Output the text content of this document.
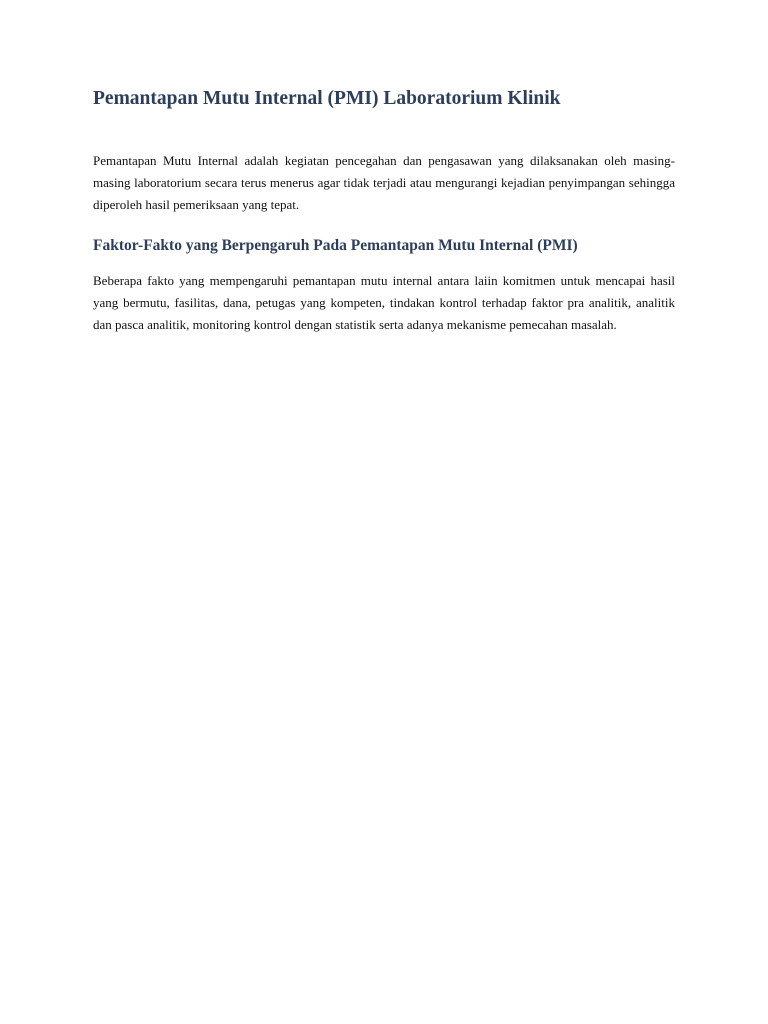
Pemantapan Mutu Internal (PMI) Laboratorium Klinik

Pemantapan Mutu Internal adalah kegiatan pencegahan dan pengasawan yang dilaksanakan oleh masing-masing laboratorium secara terus menerus agar tidak terjadi atau mengurangi kejadian penyimpangan sehingga diperoleh hasil pemeriksaan yang tepat.

Faktor-Fakto yang Berpengaruh Pada Pemantapan Mutu Internal (PMI)

Beberapa fakto yang mempengaruhi pemantapan mutu internal antara laiin komitmen untuk mencapai hasil yang bermutu, fasilitas, dana, petugas yang kompeten, tindakan kontrol terhadap faktor pra analitik, analitik dan pasca analitik, monitoring kontrol dengan statistik serta adanya mekanisme pemecahan masalah.
